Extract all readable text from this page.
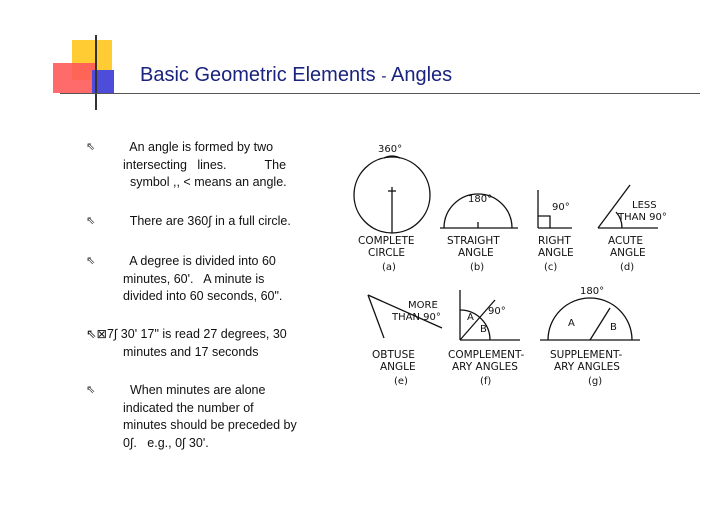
Basic Geometric Elements - Angles
⇖ An angle is formed by two
intersecting   lines.           The
symbol ,, < means an angle.
⇖ There are 360∫ in a full circle.
⇖ A degree is divided into 60
minutes, 60'.   A minute is
divided into 60 seconds, 60".
⇖⊠7∫ 30' 17" is read 27 degrees, 30
minutes and 17 seconds
⇖ When minutes are alone
indicated the number of
minutes should be preceded by
0∫.   e.g., 0∫ 30'.
360°
COMPLETE
CIRCLE
(a)
180°
STRAIGHT
ANGLE
(b)
90°
RIGHT
ANGLE
(c)
LESS
THAN 90°
ACUTE
ANGLE
(d)
MORE
THAN 90°
OBTUSE
ANGLE
(e)
90°
A
B
COMPLEMENT-
ARY ANGLES
(f)
180°
A	B
SUPPLEMENT-
ARY ANGLES
(g)
